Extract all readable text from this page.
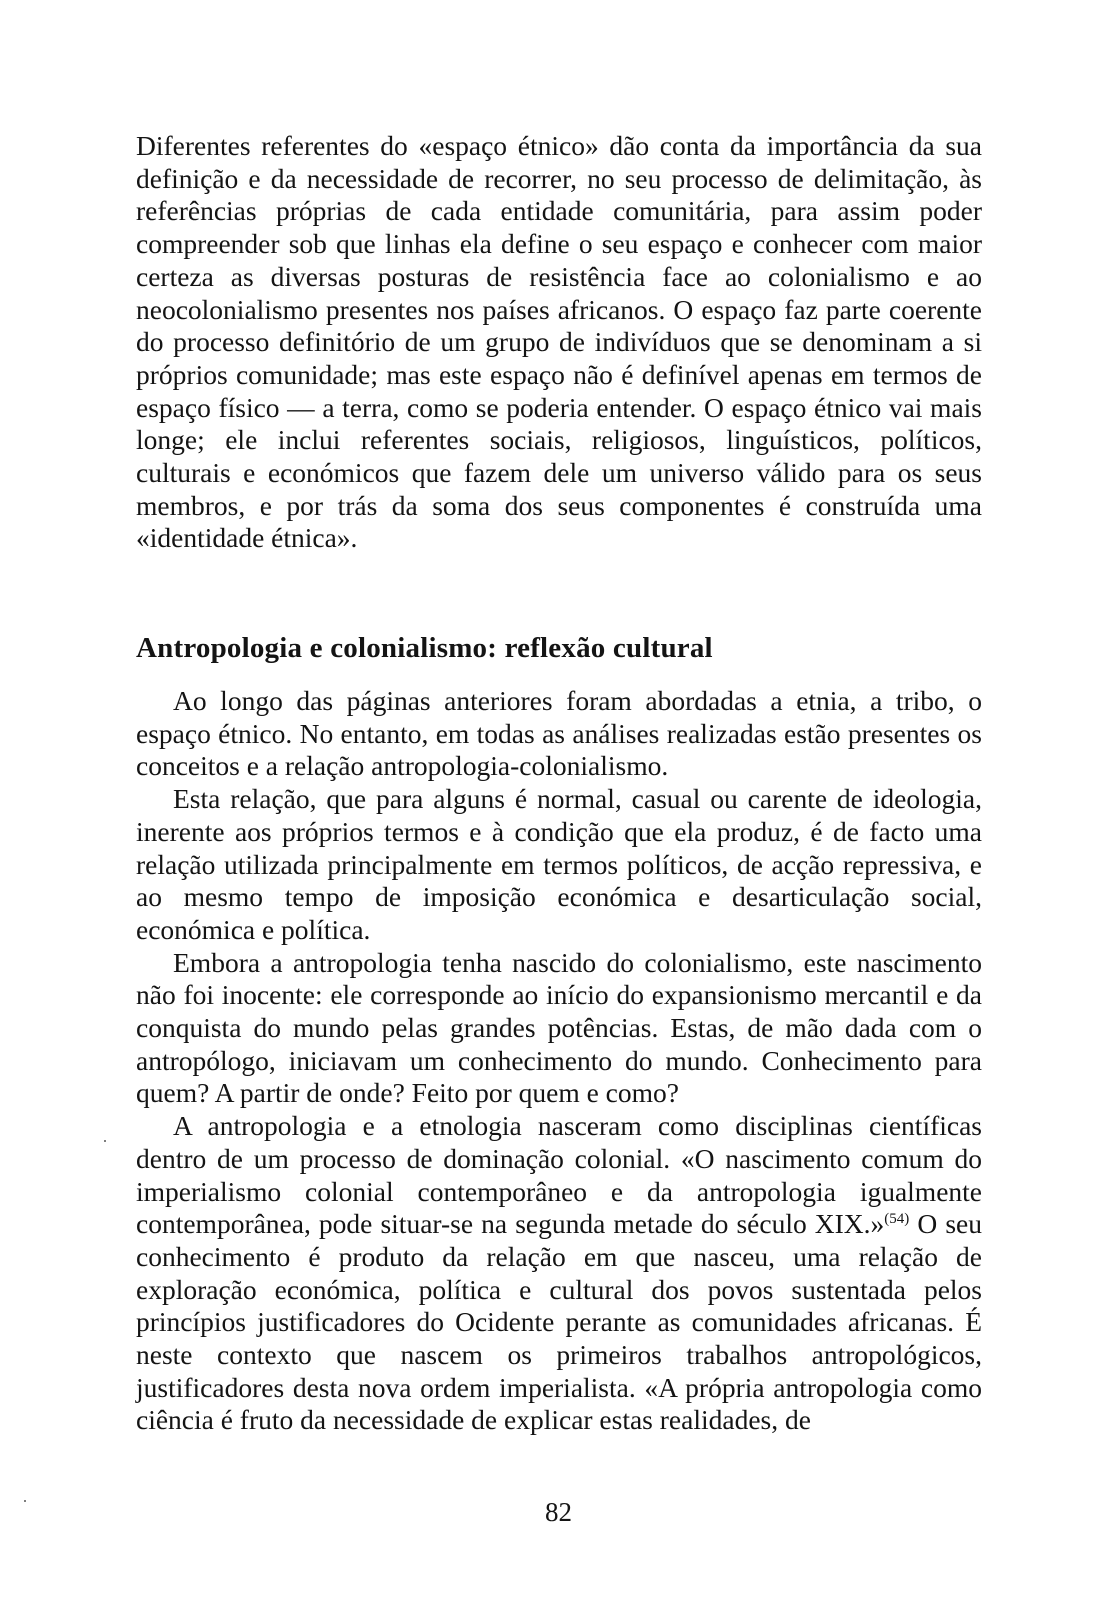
Diferentes referentes do «espaço étnico» dão conta da importância da sua definição e da necessidade de recorrer, no seu processo de delimitação, às referências próprias de cada entidade comunitária, para assim poder compreender sob que linhas ela define o seu espaço e conhecer com maior certeza as diversas posturas de resistência face ao colonialismo e ao neocolonialismo presentes nos países africanos. O espaço faz parte coerente do processo definitório de um grupo de indivíduos que se denominam a si próprios comunidade; mas este espaço não é definível apenas em termos de espaço físico — a terra, como se poderia entender. O espaço étnico vai mais longe; ele inclui referentes sociais, religiosos, linguísticos, políticos, culturais e económicos que fazem dele um universo válido para os seus membros, e por trás da soma dos seus componentes é construída uma «identidade étnica».

Antropologia e colonialismo: reflexão cultural

Ao longo das páginas anteriores foram abordadas a etnia, a tribo, o espaço étnico. No entanto, em todas as análises realizadas estão presentes os conceitos e a relação antropologia-colonialismo.

Esta relação, que para alguns é normal, casual ou carente de ideologia, inerente aos próprios termos e à condição que ela produz, é de facto uma relação utilizada principalmente em termos políticos, de acção repressiva, e ao mesmo tempo de imposição económica e desarticulação social, económica e política.

Embora a antropologia tenha nascido do colonialismo, este nascimento não foi inocente: ele corresponde ao início do expansionismo mercantil e da conquista do mundo pelas grandes potências. Estas, de mão dada com o antropólogo, iniciavam um conhecimento do mundo. Conhecimento para quem? A partir de onde? Feito por quem e como?

A antropologia e a etnologia nasceram como disciplinas científicas dentro de um processo de dominação colonial. «O nascimento comum do imperialismo colonial contemporâneo e da antropologia igualmente contemporânea, pode situar-se na segunda metade do século XIX.»$^{(54)}$ O seu conhecimento é produto da relação em que nasceu, uma relação de exploração económica, política e cultural dos povos sustentada pelos princípios justificadores do Ocidente perante as comunidades africanas. É neste contexto que nascem os primeiros trabalhos antropológicos, justificadores desta nova ordem imperialista. «A própria antropologia como ciência é fruto da necessidade de explicar estas realidades, de

82
